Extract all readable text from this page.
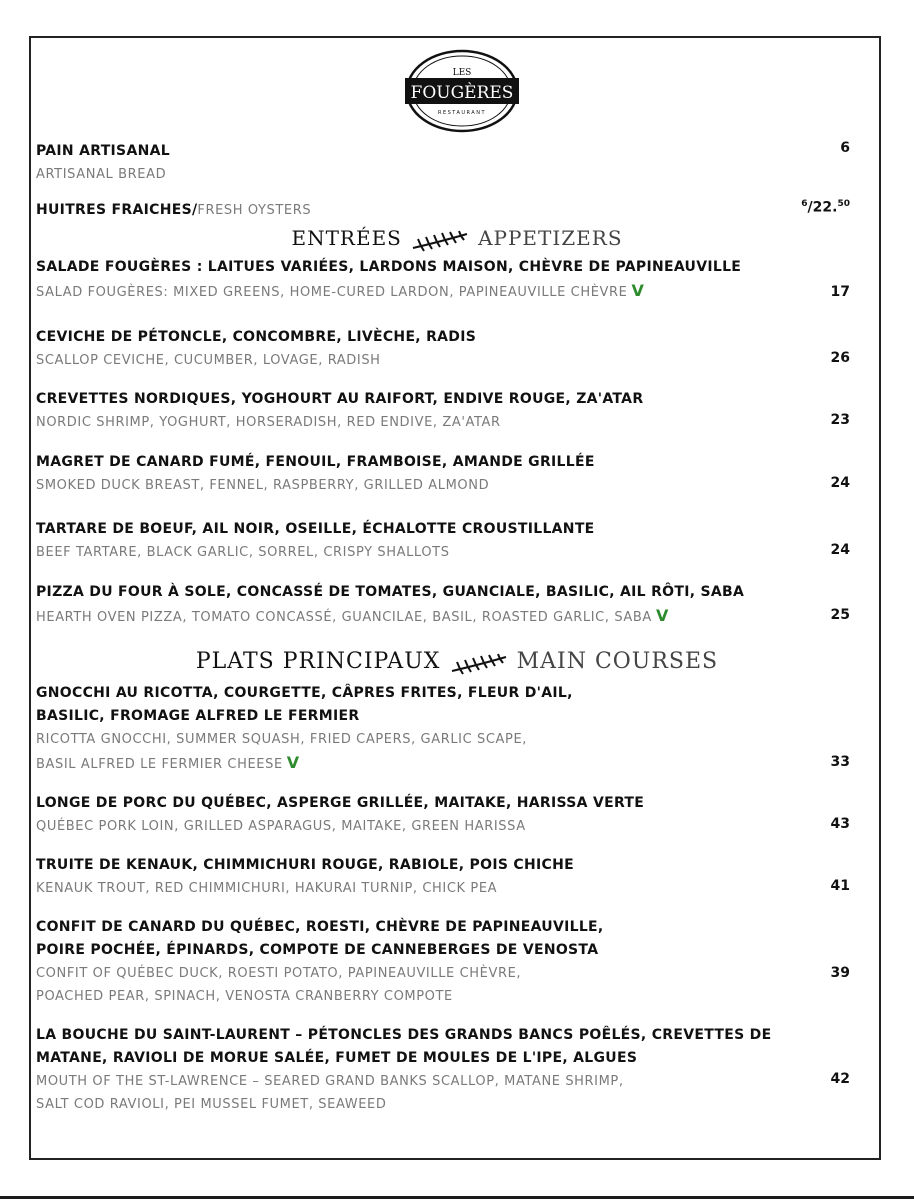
LES
FOUGÈRES
RESTAURANT
PAIN ARTISANAL
ARTISANAL BREAD
6
HUITRES FRAICHES/FRESH OYSTERS	$^6$/22.50
ENTRÉES	APPETIZERS
SALADE FOUGÈRES : LAITUES VARIÉES, LARDONS MAISON, CHÈVRE DE PAPINEAUVILLE
SALAD FOUGÈRES: MIXED GREENS, HOME-CURED LARDON, PAPINEAUVILLE CHÈVRE V	17
CEVICHE DE PÉTONCLE, CONCOMBRE, LIVÈCHE, RADIS
SCALLOP CEVICHE, CUCUMBER, LOVAGE, RADISH	26
CREVETTES NORDIQUES, YOGHOURT AU RAIFORT, ENDIVE ROUGE, ZA'ATAR
NORDIC SHRIMP, YOGHURT, HORSERADISH, RED ENDIVE, ZA'ATAR	23
MAGRET DE CANARD FUMÉ, FENOUIL, FRAMBOISE, AMANDE GRILLÉE
SMOKED DUCK BREAST, FENNEL, RASPBERRY, GRILLED ALMOND	24
TARTARE DE BOEUF, AIL NOIR, OSEILLE, ÉCHALOTTE CROUSTILLANTE
BEEF TARTARE, BLACK GARLIC, SORREL, CRISPY SHALLOTS	24
PIZZA DU FOUR À SOLE, CONCASSÉ DE TOMATES, GUANCIALE, BASILIC, AIL RÔTI, SABA
HEARTH OVEN PIZZA, TOMATO CONCASSÉ, GUANCILAE, BASIL, ROASTED GARLIC, SABA V	25
PLATS PRINCIPAUX	MAIN COURSES
GNOCCHI AU RICOTTA, COURGETTE, CÂPRES FRITES, FLEUR D'AIL,
BASILIC, FROMAGE ALFRED LE FERMIER
RICOTTA GNOCCHI, SUMMER SQUASH, FRIED CAPERS, GARLIC SCAPE,
BASIL ALFRED LE FERMIER CHEESE V	33
LONGE DE PORC DU QUÉBEC, ASPERGE GRILLÉE, MAITAKE, HARISSA VERTE
QUÉBEC PORK LOIN, GRILLED ASPARAGUS, MAITAKE, GREEN HARISSA	43
TRUITE DE KENAUK, CHIMMICHURI ROUGE, RABIOLE, POIS CHICHE
KENAUK TROUT, RED CHIMMICHURI, HAKURAI TURNIP, CHICK PEA	41
CONFIT DE CANARD DU QUÉBEC, ROESTI, CHÈVRE DE PAPINEAUVILLE,
POIRE POCHÉE, ÉPINARDS, COMPOTE DE CANNEBERGES DE VENOSTA
CONFIT OF QUÉBEC DUCK, ROESTI POTATO, PAPINEAUVILLE CHÈVRE,
POACHED PEAR, SPINACH, VENOSTA CRANBERRY COMPOTE
39
LA BOUCHE DU SAINT-LAURENT – PÉTONCLES DES GRANDS BANCS POÊLÉS, CREVETTES DE
MATANE, RAVIOLI DE MORUE SALÉE, FUMET DE MOULES DE L'IPE, ALGUES
MOUTH OF THE ST-LAWRENCE – SEARED GRAND BANKS SCALLOP, MATANE SHRIMP,
SALT COD RAVIOLI, PEI MUSSEL FUMET, SEAWEED
42
